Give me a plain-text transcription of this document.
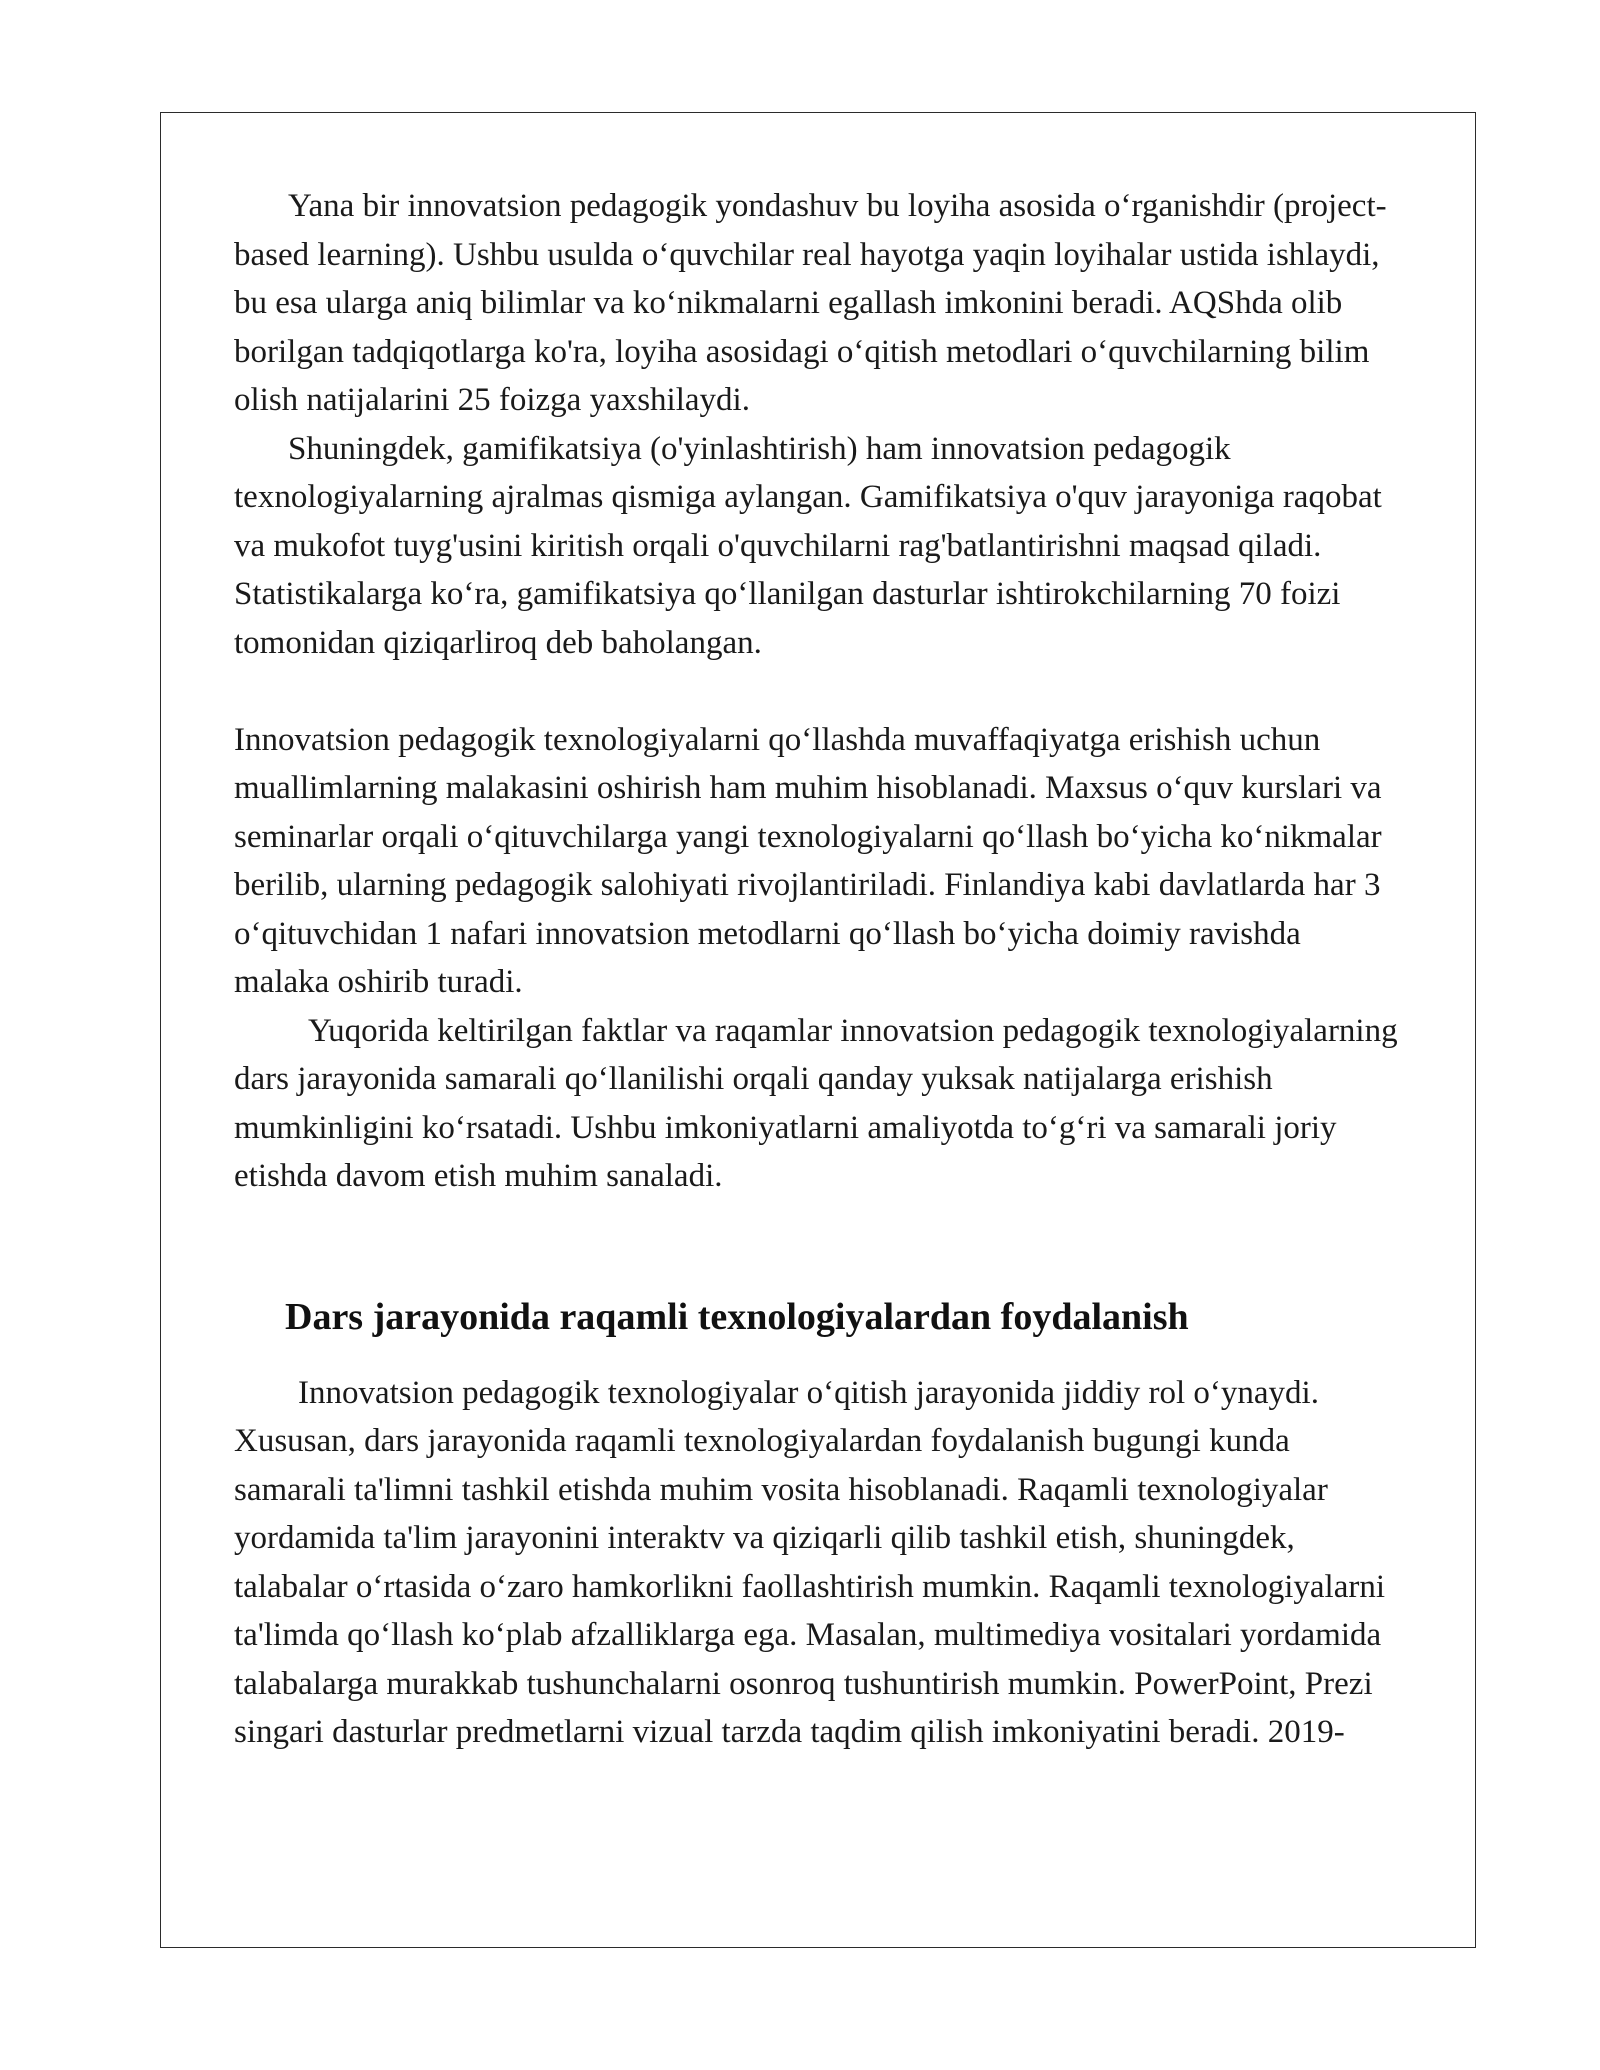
Yana bir innovatsion pedagogik yondashuv bu loyiha asosida o‘rganishdir (project-based learning). Ushbu usulda o‘quvchilar real hayotga yaqin loyihalar ustida ishlaydi, bu esa ularga aniq bilimlar va ko‘nikmalarni egallash imkonini beradi. AQShda olib borilgan tadqiqotlarga ko'ra, loyiha asosidagi o‘qitish metodlari o‘quvchilarning bilim olish natijalarini 25 foizga yaxshilaydi.

Shuningdek, gamifikatsiya (o'yinlashtirish) ham innovatsion pedagogik texnologiyalarning ajralmas qismiga aylangan. Gamifikatsiya o'quv jarayoniga raqobat va mukofot tuyg'usini kiritish orqali o'quvchilarni rag'batlantirishni maqsad qiladi. Statistikalarga ko‘ra, gamifikatsiya qo‘llanilgan dasturlar ishtirokchilarning 70 foizi tomonidan qiziqarliroq deb baholangan.

Innovatsion pedagogik texnologiyalarni qo‘llashda muvaffaqiyatga erishish uchun muallimlarning malakasini oshirish ham muhim hisoblanadi. Maxsus o‘quv kurslari va seminarlar orqali o‘qituvchilarga yangi texnologiyalarni qo‘llash bo‘yicha ko‘nikmalar berilib, ularning pedagogik salohiyati rivojlantiriladi. Finlandiya kabi davlatlarda har 3 o‘qituvchidan 1 nafari innovatsion metodlarni qo‘llash bo‘yicha doimiy ravishda malaka oshirib turadi.

Yuqorida keltirilgan faktlar va raqamlar innovatsion pedagogik texnologiyalarning dars jarayonida samarali qo‘llanilishi orqali qanday yuksak natijalarga erishish mumkinligini ko‘rsatadi. Ushbu imkoniyatlarni amaliyotda to‘g‘ri va samarali joriy etishda davom etish muhim sanaladi.

Dars jarayonida raqamli texnologiyalardan foydalanish

Innovatsion pedagogik texnologiyalar o‘qitish jarayonida jiddiy rol o‘ynaydi. Xususan, dars jarayonida raqamli texnologiyalardan foydalanish bugungi kunda samarali ta'limni tashkil etishda muhim vosita hisoblanadi. Raqamli texnologiyalar yordamida ta'lim jarayonini interaktv va qiziqarli qilib tashkil etish, shuningdek, talabalar o‘rtasida o‘zaro hamkorlikni faollashtirish mumkin. Raqamli texnologiyalarni ta'limda qo‘llash ko‘plab afzalliklarga ega. Masalan, multimediya vositalari yordamida talabalarga murakkab tushunchalarni osonroq tushuntirish mumkin. PowerPoint, Prezi singari dasturlar predmetlarni vizual tarzda taqdim qilish imkoniyatini beradi. 2019-
